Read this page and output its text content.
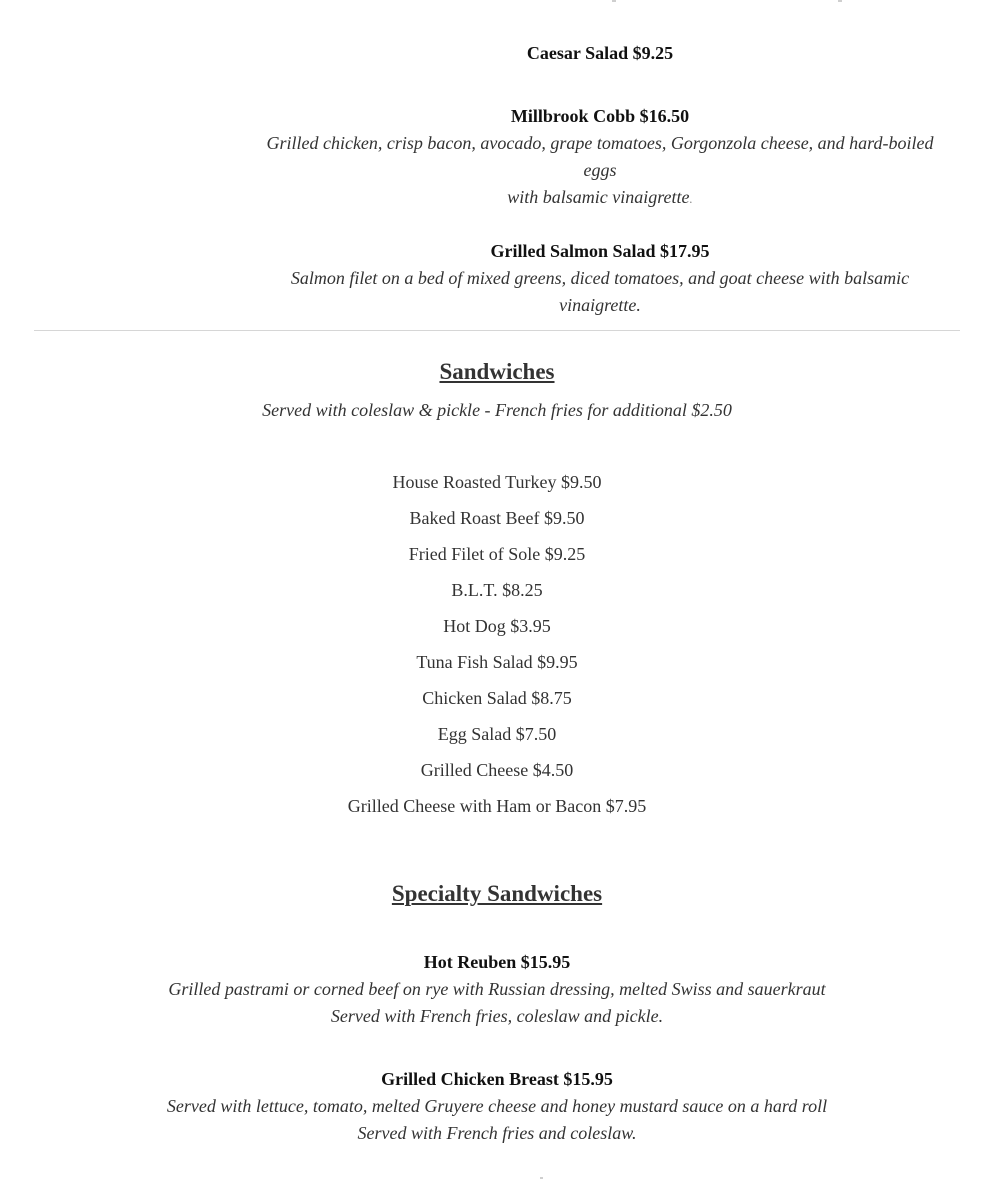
Caesar Salad $9.25
Millbrook Cobb $16.50
Grilled chicken, crisp bacon, avocado, grape tomatoes, Gorgonzola cheese, and hard-boiled eggs
with balsamic vinaigrette.
Grilled Salmon Salad $17.95
Salmon filet on a bed of mixed greens, diced tomatoes, and goat cheese with balsamic vinaigrette.
Sandwiches
Served with coleslaw & pickle - French fries for additional $2.50
House Roasted Turkey $9.50
Baked Roast Beef $9.50
Fried Filet of Sole $9.25
B.L.T. $8.25
Hot Dog $3.95
Tuna Fish Salad $9.95
Chicken Salad $8.75
Egg Salad $7.50
Grilled Cheese $4.50
Grilled Cheese with Ham or Bacon $7.95
Specialty Sandwiches
Hot Reuben $15.95
Grilled pastrami or corned beef on rye with Russian dressing, melted Swiss and sauerkraut
Served with French fries, coleslaw and pickle.
Grilled Chicken Breast $15.95
Served with lettuce, tomato, melted Gruyere cheese and honey mustard sauce on a hard roll
Served with French fries and coleslaw.
